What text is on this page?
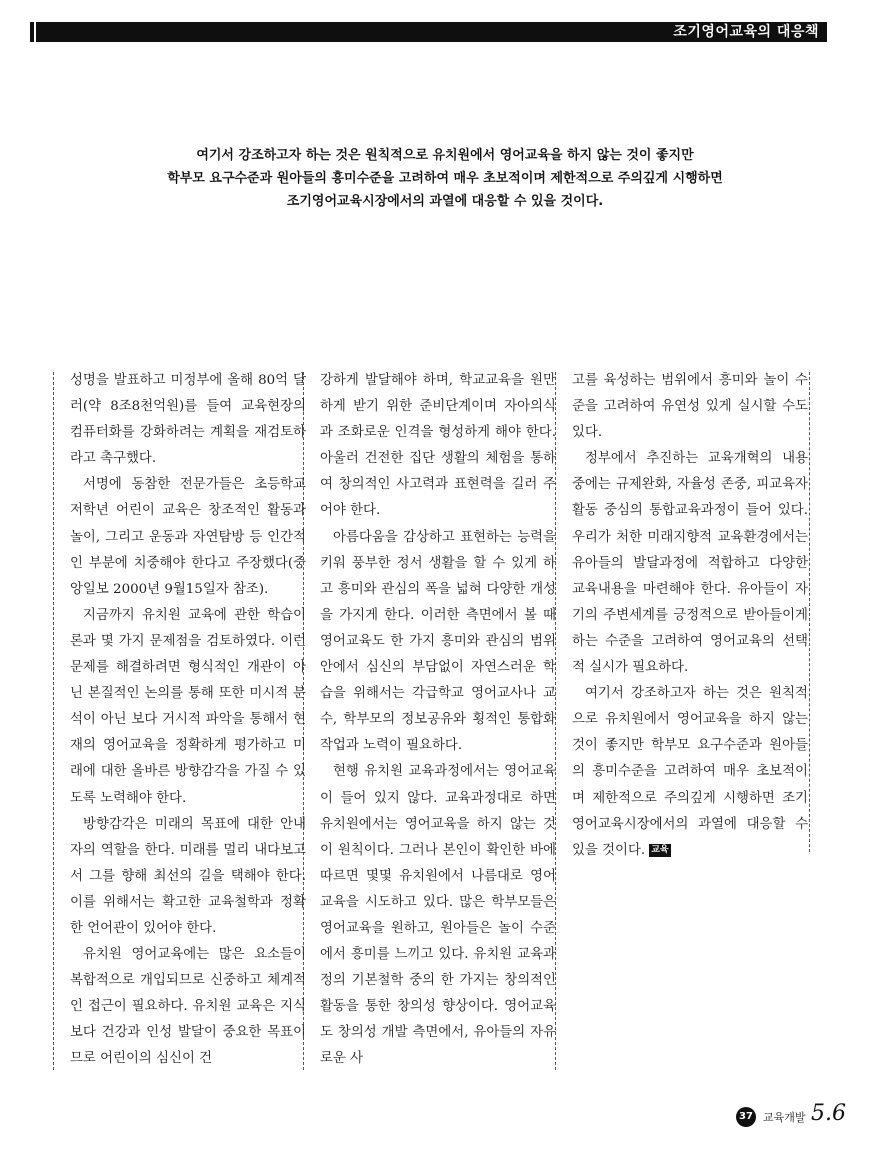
조기영어교육의 대응책
여기서 강조하고자 하는 것은 원칙적으로 유치원에서 영어교육을 하지 않는 것이 좋지만
학부모 요구수준과 원아들의 흥미수준을 고려하여 매우 초보적이며 제한적으로 주의깊게 시행하면
조기영어교육시장에서의 과열에 대응할 수 있을 것이다.

성명을 발표하고 미정부에 올해 80억 달러(약 8조8천억원)를 들여 교육현장의 컴퓨터화를 강화하려는 계획을 재검토하라고 촉구했다.

서명에 동참한 전문가들은 초등학교 저학년 어린이 교육은 창조적인 활동과 놀이, 그리고 운동과 자연탐방 등 인간적인 부분에 치중해야 한다고 주장했다(중앙일보 2000년 9월15일자 참조).

지금까지 유치원 교육에 관한 학습이론과 몇 가지 문제점을 검토하였다. 이런 문제를 해결하려면 형식적인 개관이 아닌 본질적인 논의를 통해 또한 미시적 분석이 아닌 보다 거시적 파악을 통해서 현재의 영어교육을 정확하게 평가하고 미래에 대한 올바른 방향감각을 가질 수 있도록 노력해야 한다.

방향감각은 미래의 목표에 대한 안내자의 역할을 한다. 미래를 멀리 내다보고서 그를 향해 최선의 길을 택해야 한다. 이를 위해서는 확고한 교육철학과 정확한 언어관이 있어야 한다.

유치원 영어교육에는 많은 요소들이 복합적으로 개입되므로 신중하고 체계적인 접근이 필요하다. 유치원 교육은 지식보다 건강과 인성 발달이 중요한 목표이므로 어린이의 심신이 건

강하게 발달해야 하며, 학교교육을 원만하게 받기 위한 준비단계이며 자아의식과 조화로운 인격을 형성하게 해야 한다. 아울러 건전한 집단 생활의 체험을 통하여 창의적인 사고력과 표현력을 길러 주어야 한다.

아름다움을 감상하고 표현하는 능력을 키워 풍부한 정서 생활을 할 수 있게 하고 흥미와 관심의 폭을 넓혀 다양한 개성을 가지게 한다. 이러한 측면에서 볼 때 영어교육도 한 가지 흥미와 관심의 범위 안에서 심신의 부담없이 자연스러운 학습을 위해서는 각급학교 영어교사나 교수, 학부모의 정보공유와 횡적인 통합화 작업과 노력이 필요하다.

현행 유치원 교육과정에서는 영어교육이 들어 있지 않다. 교육과정대로 하면 유치원에서는 영어교육을 하지 않는 것이 원칙이다. 그러나 본인이 확인한 바에 따르면 몇몇 유치원에서 나름대로 영어교육을 시도하고 있다. 많은 학부모들은 영어교육을 원하고, 원아들은 놀이 수준에서 흥미를 느끼고 있다. 유치원 교육과정의 기본철학 중의 한 가지는 창의적인 활동을 통한 창의성 향상이다. 영어교육도 창의성 개발 측면에서, 유아들의 자유로운 사

고를 육성하는 범위에서 흥미와 놀이 수준을 고려하여 유연성 있게 실시할 수도 있다.

정부에서 추진하는 교육개혁의 내용 중에는 규제완화, 자율성 존중, 피교육자 활동 중심의 통합교육과정이 들어 있다. 우리가 처한 미래지향적 교육환경에서는 유아들의 발달과정에 적합하고 다양한 교육내용을 마련해야 한다. 유아들이 자기의 주변세계를 긍정적으로 받아들이게 하는 수준을 고려하여 영어교육의 선택적 실시가 필요하다.

여기서 강조하고자 하는 것은 원칙적으로 유치원에서 영어교육을 하지 않는 것이 좋지만 학부모 요구수준과 원아들의 흥미수준을 고려하여 매우 초보적이며 제한적으로 주의깊게 시행하면 조기영어교육시장에서의 과열에 대응할 수 있을 것이다. 교육

37 교육개발 5.6
